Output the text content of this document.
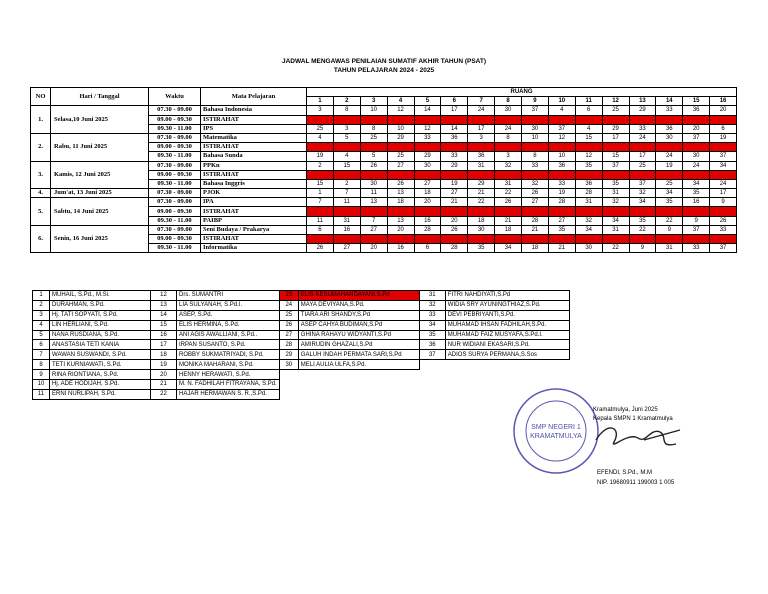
JADWAL MENGAWAS PENILAIAN SUMATIF AKHIR TAHUN (PSAT)
TAHUN PELAJARAN 2024 - 2025
NO	Hari / Tanggal	Waktu	Mata Pelajaran	RUANG															
				1	2	3	4	5	6	7	8	9	10	11	12	13	14	15	16
1.	Selasa,10 Juni 2025	07.30 - 09.00	Bahasa Indonesia	3	8	10	12	14	17	24	30	37	4	6	25	29	33	36	20
		09.00 - 09.30	ISTIRAHAT																
		09.30 - 11.00	IPS	25	3	8	10	12	14	17	24	30	37	4	29	33	36	20	6
2.	Rabu, 11 Juni 2025	07.30 - 09.00	Matematika	4	5	25	29	33	36	3	8	10	12	15	17	24	30	37	19
		09.00 - 09.30	ISTIRAHAT																
		09.30 - 11.00	Bahasa Sunda	19	4	5	25	29	33	36	3	8	10	12	15	17	24	30	37
3.	Kamis, 12 Juni 2025	07.30 - 09.00	PPKn	2	15	26	27	30	29	31	32	33	36	35	37	25	19	24	34
		09.00 - 09.30	ISTIRAHAT																
		09.30 - 11.00	Bahasa Inggris	15	2	30	26	27	19	29	31	32	33	36	35	37	25	34	24
4.	Jum'at, 13 Juni 2025	07.30 - 09.00	PJOK	1	7	11	13	18	27	21	22	26	19	28	31	32	34	35	17
5.	Sabtu, 14 Juni 2025	07.30 - 09.00	IPA	7	11	13	18	20	21	22	26	27	28	31	32	34	35	16	9
		09.00 - 09.30	ISTIRAHAT																
		09.30 - 11.00	PAIBP	11	31	7	13	16	20	18	21	28	27	32	34	35	22	9	26
6.	Senin, 16 Juni 2025	07.30 - 09.00	Seni Budaya / Prakarya	6	16	27	20	28	26	30	18	21	35	34	31	22	9	37	33
		09.00 - 09.30	ISTIRAHAT																
		09.30 - 11.00	Informatika	26	27	20	16	6	28	35	34	18	21	30	22	9	31	33	37
1	MUHAIL, S.Pd., M.Si.	12	Drs. SUMANTRI	23	ELIS KESUMAHANDAYANI,S.Pd	31	FITRI NAHDIYATI,S.Pd
2	DURAHMAN, S.Pd.	13	LIA SULYANAH, S.Pd.I.	24	MAYA DEVIYANA,S.Pd.	32	WIDIA SRY AYUNINGTHIAZ,S.Pd.
3	Hj. TATI SOPYATI, S.Pd.	14	ASEP, S.Pd.	25	TIARA ARI SHANDY,S.Pd	33	DEVI PEBRIYANTI,S.Pd.
4	LIN HERLIANI, S.Pd.	15	ELIS HERMINA, S.Pd.	26	ASEP CAHYA BUDIMAN,S.Pd	34	MUHAMAD IHSAN FADHILAH,S.Pd.
5	NANA RUSDIANA, S.Pd.	16	ANI AGIS AWALLIANI, S.Pd..	27	GHINA RAHAYU WIDYANTI,S.Pd	35	MUHAMAD FAIZ MUSYAFA,S.Pd.I.
6	ANASTASIA TETI KANIA	17	IRPAN SUSANTO, S.Pd.	28	AMIRUDIN GHAZALI,S.Pd	36	NUR WIDIANI EKASARI,S.Pd.
7	WAWAN SUSWANDI, S.Pd.	18	ROBBY SUKMATRIYADI, S.Pd.	29	GALUH INDAH PERMATA SARI,S.Pd	37	ADIOS SURYA PERMANA,S.Sos
8	TETI KURNIAWATI, S.Pd.	19	MONIKA MAHARANI, S.Pd.	30	MELI AULIA ULFA,S.Pd.		
9	RINA RIONTIANA, S.Pd.	20	HENNY HERAWATI, S.Pd.				
10	Hj. ADE HODIJAH, S.Pd.	21	M. N. FADHILAH FITRAYANA, S.Pd.				
11	ERNI NURLIPAH, S.Pd.	22	HAJAR HERMAWAN S. R.,S.Pd.				
SMP NEGERI 1
KRAMATMULYA
Kramatmulya, Juni 2025
Kepala SMPN 1 Kramatmulya
EFENDI, S.Pd., M.M
NIP. 19680911 199003 1 005
